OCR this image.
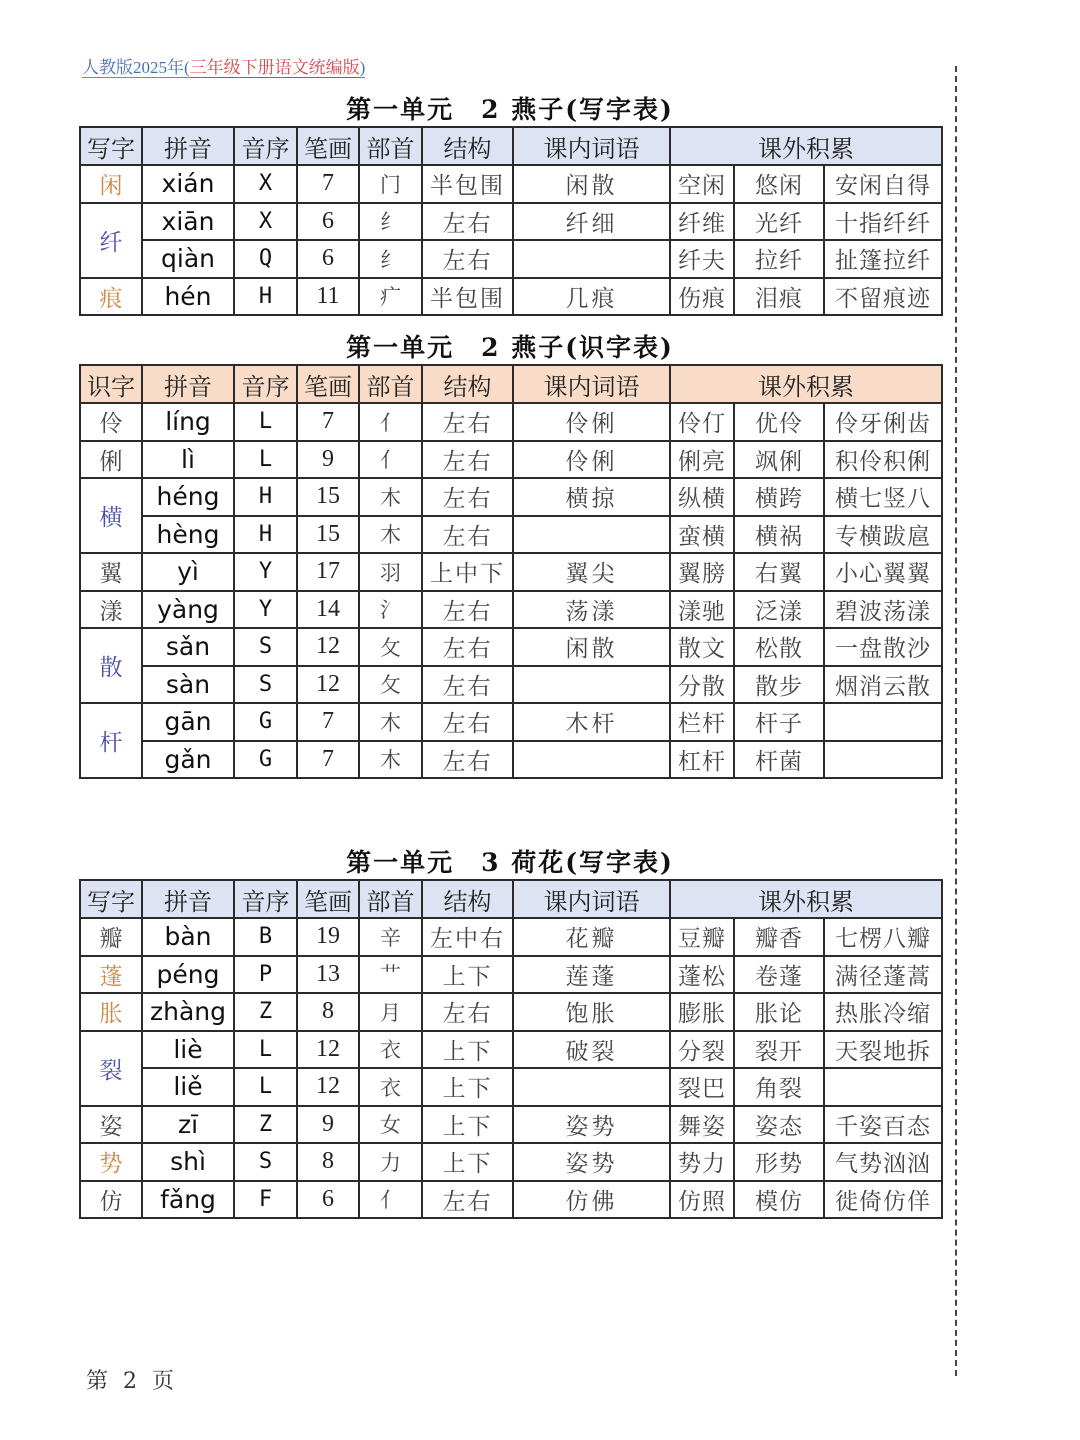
人教版2025年(三年级下册语文统编版)
第一单元　2 燕子(写字表)
写字	拼音	音序	笔画	部首	结构	课内词语	课外积累		
闲	xián	X	7	门	半包围	闲散	空闲	悠闲	安闲自得
纤	xiān	X	6	纟	左右	纤细	纤维	光纤	十指纤纤
	qiàn	Q	6	纟	左右		纤夫	拉纤	扯篷拉纤
痕	hén	H	11	疒	半包围	几痕	伤痕	泪痕	不留痕迹
第一单元　2 燕子(识字表)
识字	拼音	音序	笔画	部首	结构	课内词语	课外积累		
伶	líng	L	7	亻	左右	伶俐	伶仃	优伶	伶牙俐齿
俐	lì	L	9	亻	左右	伶俐	俐亮	飒俐	积伶积俐
横	héng	H	15	木	左右	横掠	纵横	横跨	横七竖八
	hèng	H	15	木	左右		蛮横	横祸	专横跋扈
翼	yì	Y	17	羽	上中下	翼尖	翼膀	右翼	小心翼翼
漾	yàng	Y	14	氵	左右	荡漾	漾驰	泛漾	碧波荡漾
散	sǎn	S	12	攵	左右	闲散	散文	松散	一盘散沙
	sàn	S	12	攵	左右		分散	散步	烟消云散
杆	gān	G	7	木	左右	木杆	栏杆	杆子	
	gǎn	G	7	木	左右		杠杆	杆菌	
第一单元　3 荷花(写字表)
写字	拼音	音序	笔画	部首	结构	课内词语	课外积累		
瓣	bàn	B	19	辛	左中右	花瓣	豆瓣	瓣香	七楞八瓣
蓬	péng	P	13	艹	上下	莲蓬	蓬松	卷蓬	满径蓬蒿
胀	zhàng	Z	8	月	左右	饱胀	膨胀	胀论	热胀冷缩
裂	liè	L	12	衣	上下	破裂	分裂	裂开	天裂地拆
	liě	L	12	衣	上下		裂巴	角裂	
姿	zī	Z	9	女	上下	姿势	舞姿	姿态	千姿百态
势	shì	S	8	力	上下	姿势	势力	形势	气势汹汹
仿	fǎng	F	6	亻	左右	仿佛	仿照	模仿	徙倚仿佯
第 2 页
